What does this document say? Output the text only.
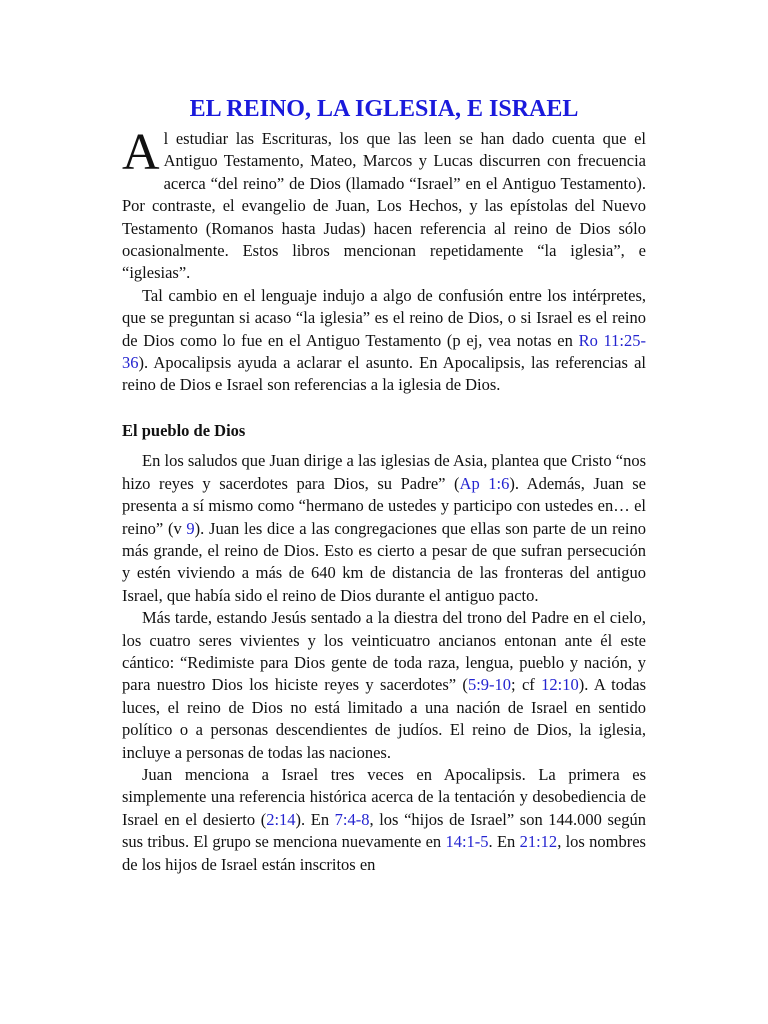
EL REINO, LA IGLESIA, E ISRAEL

Al estudiar las Escrituras, los que las leen se han dado cuenta que el Antiguo Testamento, Mateo, Marcos y Lucas discurren con frecuencia acerca “del reino” de Dios (llamado “Israel” en el Antiguo Testamento). Por contraste, el evangelio de Juan, Los Hechos, y las epístolas del Nuevo Testamento (Romanos hasta Judas) hacen referencia al reino de Dios sólo ocasionalmente. Estos libros mencionan repetidamente “la iglesia”, e “iglesias”.

Tal cambio en el lenguaje indujo a algo de confusión entre los intérpretes, que se preguntan si acaso “la iglesia” es el reino de Dios, o si Israel es el reino de Dios como lo fue en el Antiguo Testamento (p ej, vea notas en Ro 11:25-36). Apocalipsis ayuda a aclarar el asunto. En Apocalipsis, las referencias al reino de Dios e Israel son referencias a la iglesia de Dios.

El pueblo de Dios

En los saludos que Juan dirige a las iglesias de Asia, plantea que Cristo “nos hizo reyes y sacerdotes para Dios, su Padre” (Ap 1:6). Además, Juan se presenta a sí mismo como “hermano de ustedes y participo con ustedes en… el reino” (v 9). Juan les dice a las congregaciones que ellas son parte de un reino más grande, el reino de Dios. Esto es cierto a pesar de que sufran persecución y estén viviendo a más de 640 km de distancia de las fronteras del antiguo Israel, que había sido el reino de Dios durante el antiguo pacto.

Más tarde, estando Jesús sentado a la diestra del trono del Padre en el cielo, los cuatro seres vivientes y los veinticuatro ancianos entonan ante él este cántico: “Redimiste para Dios gente de toda raza, lengua, pueblo y nación, y para nuestro Dios los hiciste reyes y sacerdotes” (5:9-10; cf 12:10). A todas luces, el reino de Dios no está limitado a una nación de Israel en sentido político o a personas descendientes de judíos. El reino de Dios, la iglesia, incluye a personas de todas las naciones.

Juan menciona a Israel tres veces en Apocalipsis. La primera es simplemente una referencia histórica acerca de la tentación y desobediencia de Israel en el desierto (2:14). En 7:4-8, los “hijos de Israel” son 144.000 según sus tribus. El grupo se menciona nuevamente en 14:1-5. En 21:12, los nombres de los hijos de Israel están inscritos en
